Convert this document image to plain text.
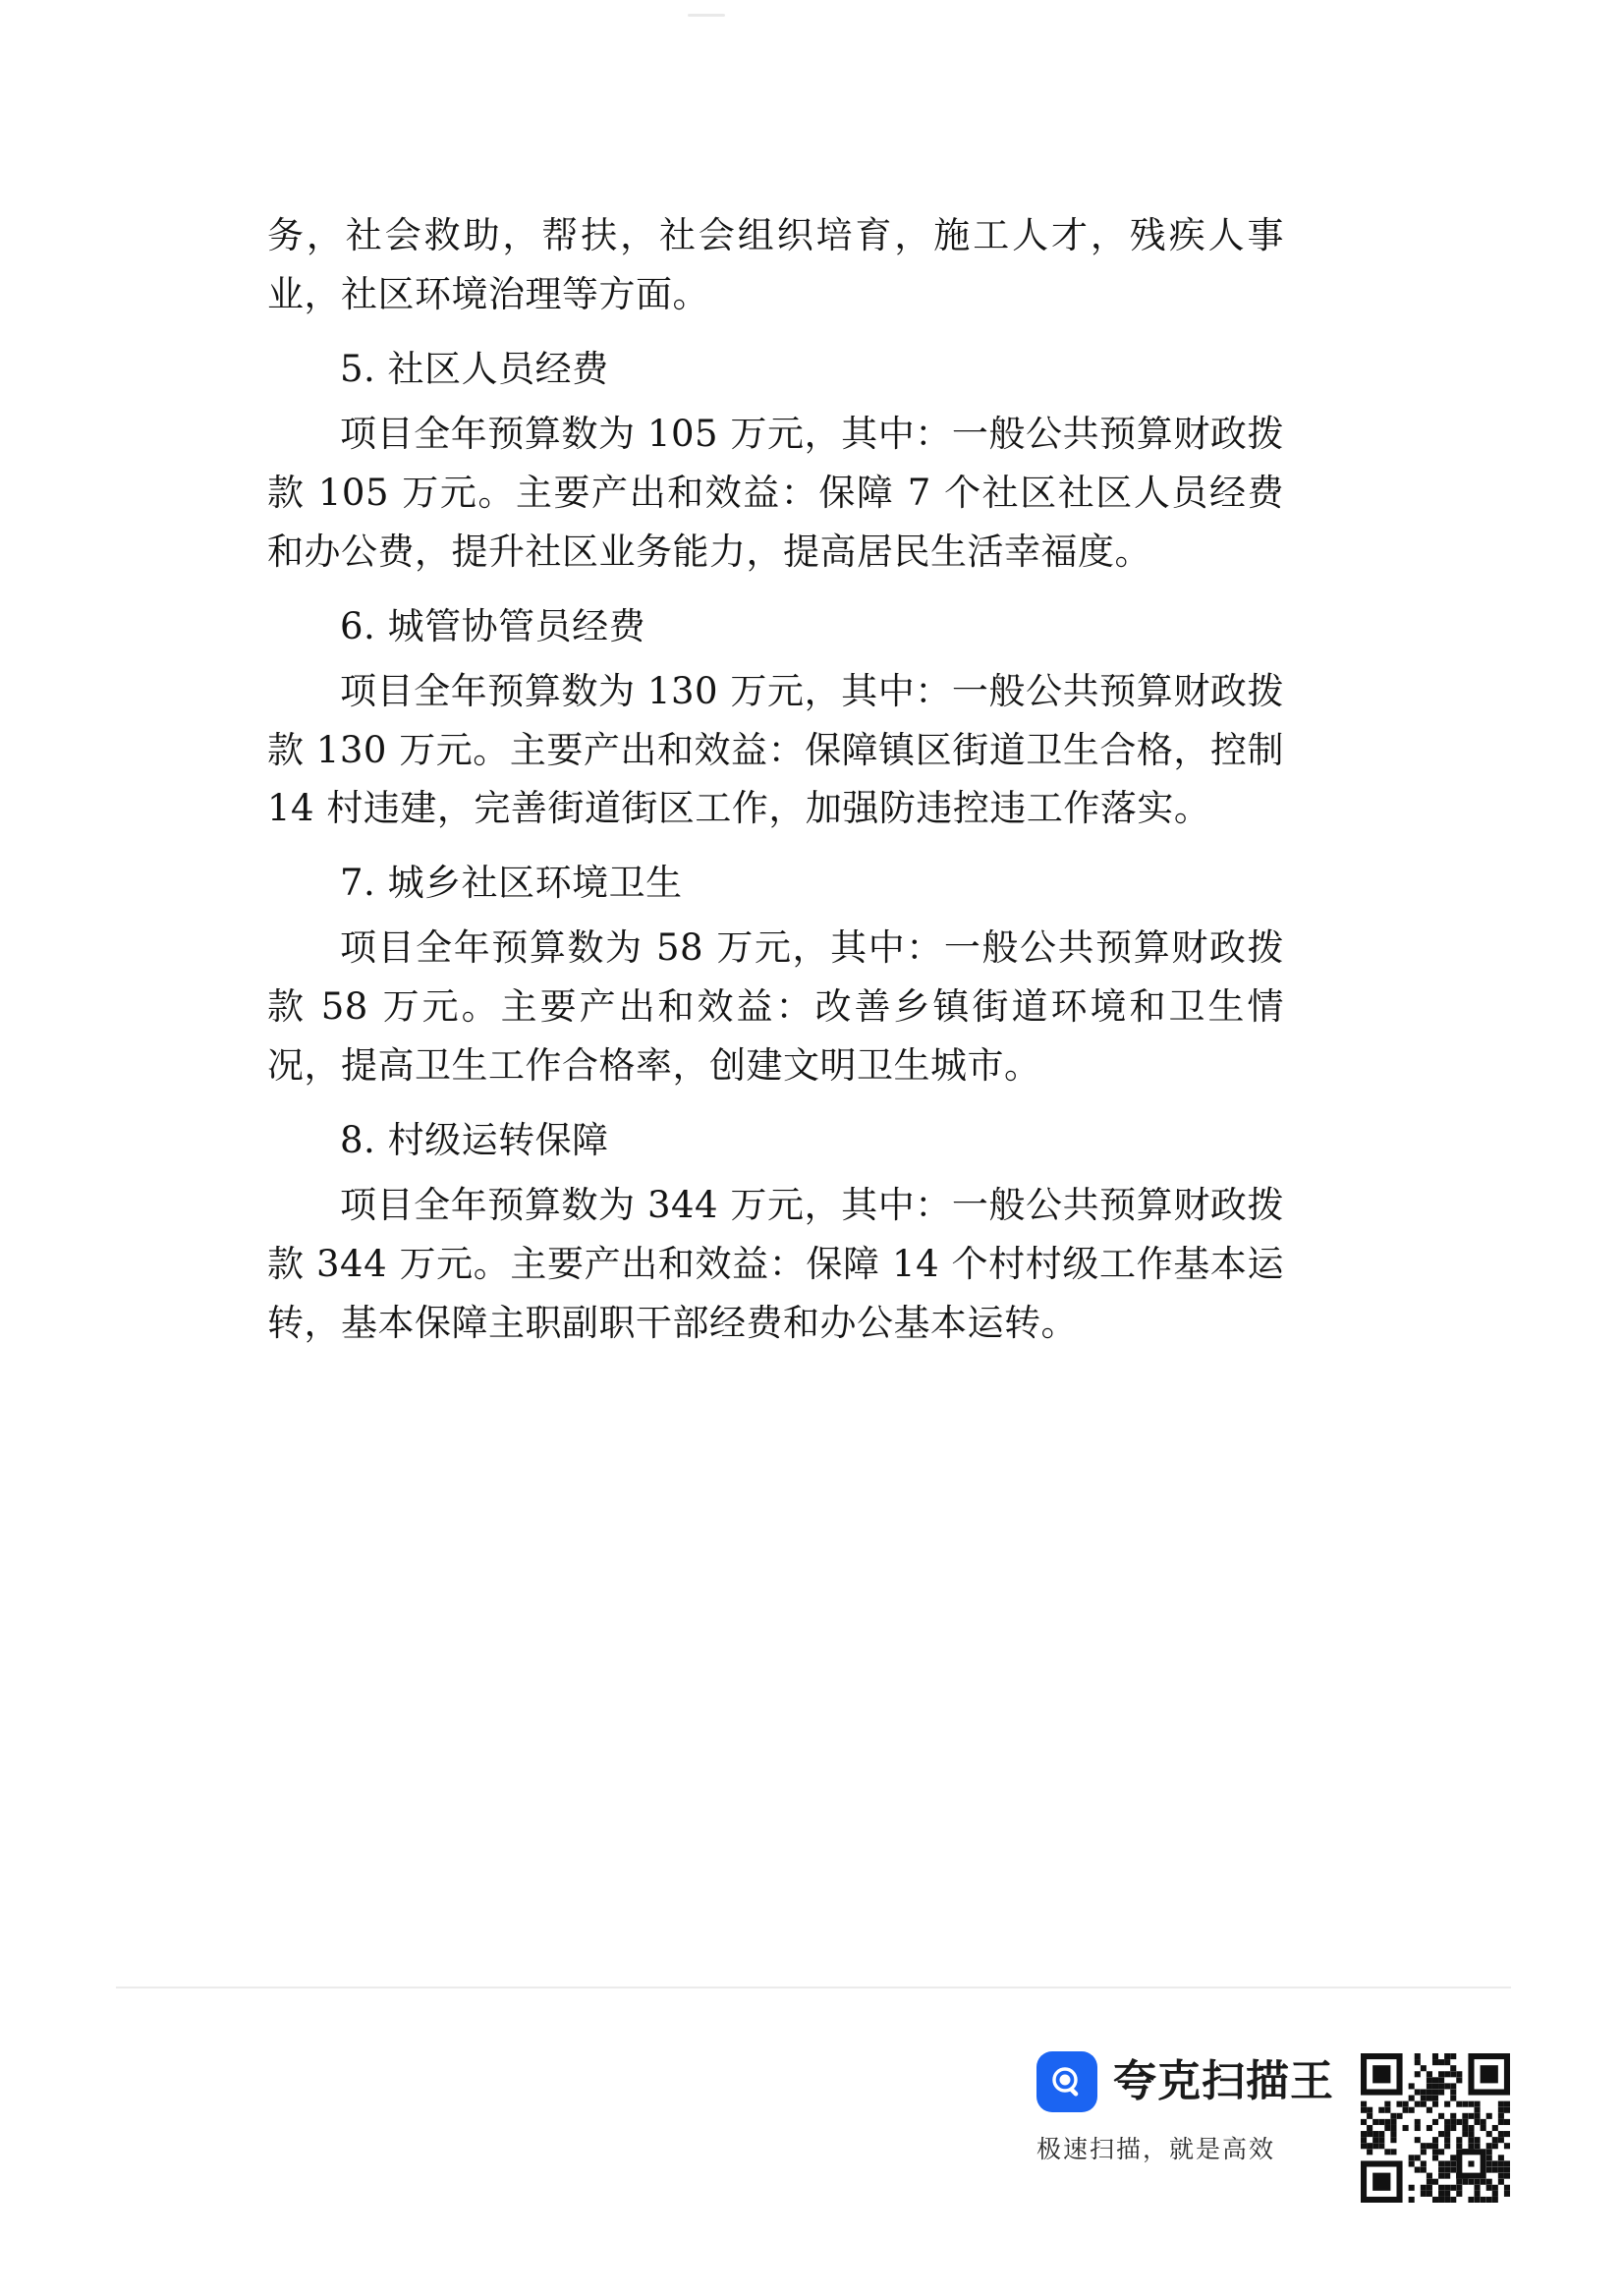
务，社会救助，帮扶，社会组织培育，施工人才，残疾人事业，社区环境治理等方面。

5. 社区人员经费

项目全年预算数为 105 万元，其中：一般公共预算财政拨款 105 万元。主要产出和效益：保障 7 个社区社区人员经费和办公费，提升社区业务能力，提高居民生活幸福度。

6. 城管协管员经费

项目全年预算数为 130 万元，其中：一般公共预算财政拨款 130 万元。主要产出和效益：保障镇区街道卫生合格，控制 14 村违建，完善街道街区工作，加强防违控违工作落实。

7. 城乡社区环境卫生

项目全年预算数为 58 万元，其中：一般公共预算财政拨款 58 万元。主要产出和效益：改善乡镇街道环境和卫生情况，提高卫生工作合格率，创建文明卫生城市。

8. 村级运转保障

项目全年预算数为 344 万元，其中：一般公共预算财政拨款 344 万元。主要产出和效益：保障 14 个村村级工作基本运转，基本保障主职副职干部经费和办公基本运转。

夸克扫描王
极速扫描，就是高效
